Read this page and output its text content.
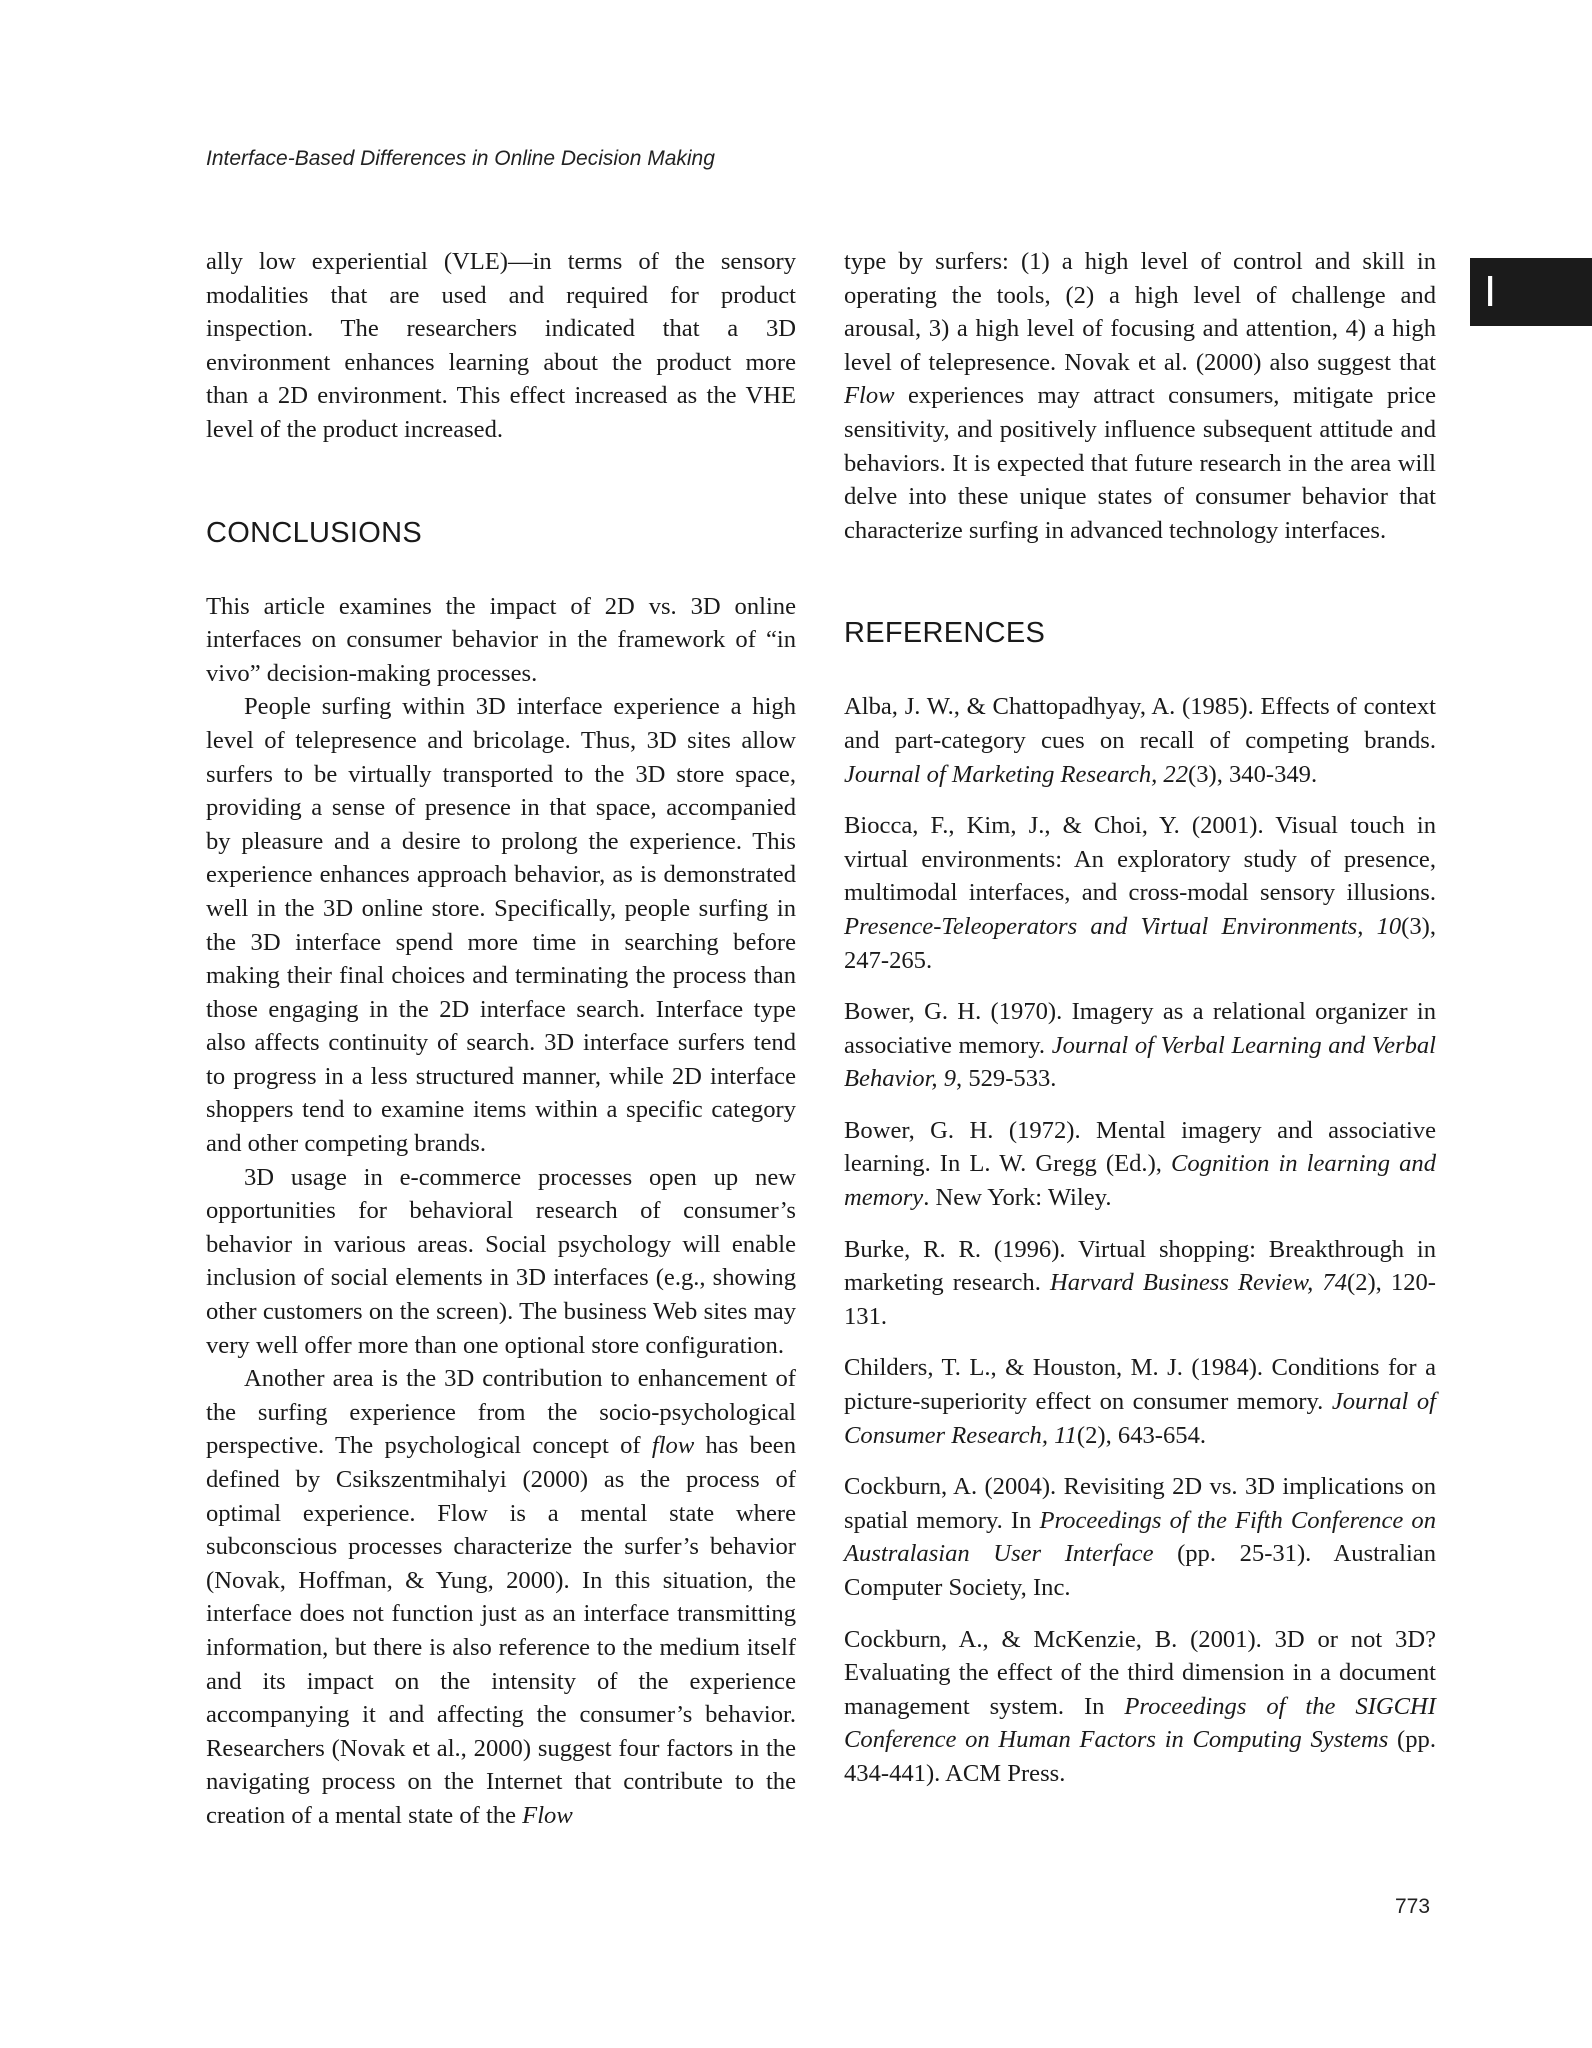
Interface-Based Differences in Online Decision Making
I

ally low experiential (VLE)—in terms of the sensory modalities that are used and required for product inspection. The researchers indicated that a 3D environment enhances learning about the product more than a 2D environment. This effect increased as the VHE level of the product increased.

CONCLUSIONS

This article examines the impact of 2D vs. 3D online interfaces on consumer behavior in the framework of “in vivo” decision-making processes.

People surfing within 3D interface experience a high level of telepresence and bricolage. Thus, 3D sites allow surfers to be virtually transported to the 3D store space, providing a sense of presence in that space, accompanied by pleasure and a desire to prolong the experience. This experience enhances approach behavior, as is demonstrated well in the 3D online store. Specifically, people surfing in the 3D interface spend more time in searching before making their final choices and terminating the process than those engaging in the 2D interface search. Interface type also affects continuity of search. 3D interface surfers tend to progress in a less structured manner, while 2D interface shoppers tend to examine items within a specific category and other competing brands.

3D usage in e-commerce processes open up new opportunities for behavioral research of consumer’s behavior in various areas. Social psychology will enable inclusion of social elements in 3D interfaces (e.g., showing other customers on the screen). The business Web sites may very well offer more than one optional store configuration.

Another area is the 3D contribution to enhancement of the surfing experience from the socio-psychological perspective. The psychological concept of flow has been defined by Csikszentmihalyi (2000) as the process of optimal experience. Flow is a mental state where subconscious processes characterize the surfer’s behavior (Novak, Hoffman, & Yung, 2000). In this situation, the interface does not function just as an interface transmitting information, but there is also reference to the medium itself and its impact on the intensity of the experience accompanying it and affecting the consumer’s behavior. Researchers (Novak et al., 2000) suggest four factors in the navigating process on the Internet that contribute to the creation of a mental state of the Flow

type by surfers: (1) a high level of control and skill in operating the tools, (2) a high level of challenge and arousal, 3) a high level of focusing and attention, 4) a high level of telepresence. Novak et al. (2000) also suggest that Flow experiences may attract consumers, mitigate price sensitivity, and positively influence subsequent attitude and behaviors. It is expected that future research in the area will delve into these unique states of consumer behavior that characterize surfing in advanced technology interfaces.

REFERENCES

Alba, J. W., & Chattopadhyay, A. (1985). Effects of context and part-category cues on recall of competing brands. Journal of Marketing Research, 22(3), 340-349.

Biocca, F., Kim, J., & Choi, Y. (2001). Visual touch in virtual environments: An exploratory study of presence, multimodal interfaces, and cross-modal sensory illusions. Presence-Teleoperators and Virtual Environments, 10(3), 247-265.

Bower, G. H. (1970). Imagery as a relational organizer in associative memory. Journal of Verbal Learning and Verbal Behavior, 9, 529-533.

Bower, G. H. (1972). Mental imagery and associative learning. In L. W. Gregg (Ed.), Cognition in learning and memory. New York: Wiley.

Burke, R. R. (1996). Virtual shopping: Breakthrough in marketing research. Harvard Business Review, 74(2), 120-131.

Childers, T. L., & Houston, M. J. (1984). Conditions for a picture-superiority effect on consumer memory. Journal of Consumer Research, 11(2), 643-654.

Cockburn, A. (2004). Revisiting 2D vs. 3D implications on spatial memory. In Proceedings of the Fifth Conference on Australasian User Interface (pp. 25-31). Australian Computer Society, Inc.

Cockburn, A., & McKenzie, B. (2001). 3D or not 3D? Evaluating the effect of the third dimension in a document management system. In Proceedings of the SIGCHI Conference on Human Factors in Computing Systems (pp. 434-441). ACM Press.

773
